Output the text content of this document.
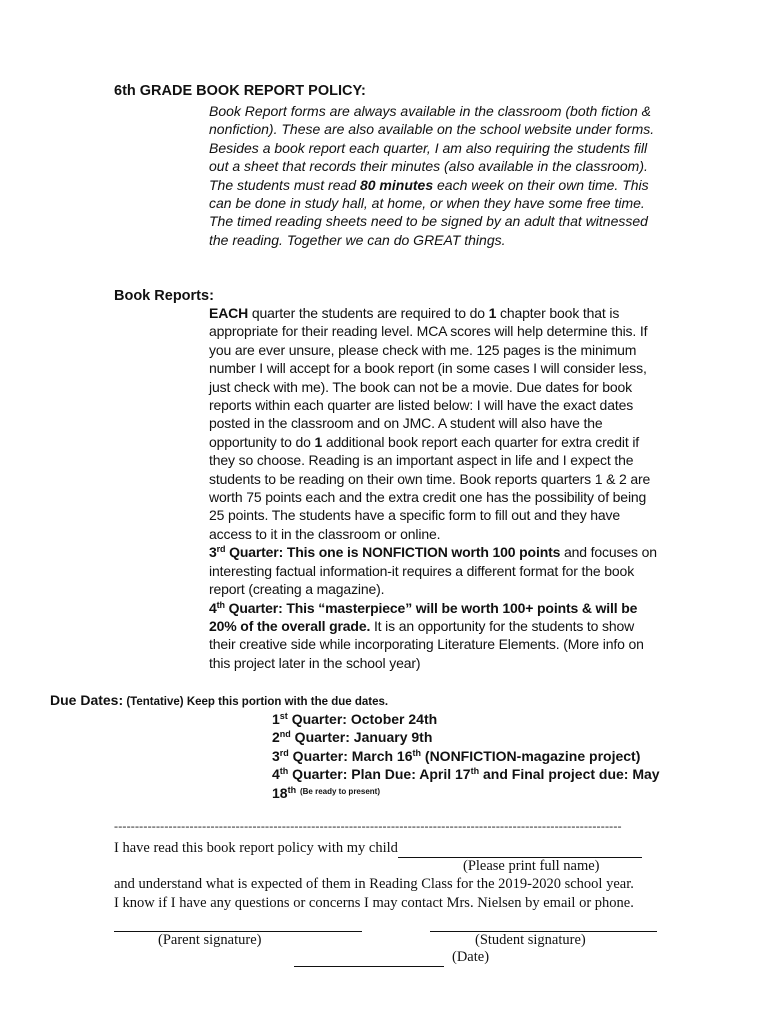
6th GRADE BOOK REPORT POLICY:
Book Report forms are always available in the classroom (both fiction & nonfiction). These are also available on the school website under forms. Besides a book report each quarter, I am also requiring the students fill out a sheet that records their minutes (also available in the classroom). The students must read 80 minutes each week on their own time. This can be done in study hall, at home, or when they have some free time. The timed reading sheets need to be signed by an adult that witnessed the reading. Together we can do GREAT things.
Book Reports:
EACH quarter the students are required to do 1 chapter book that is appropriate for their reading level. MCA scores will help determine this. If you are ever unsure, please check with me. 125 pages is the minimum number I will accept for a book report (in some cases I will consider less, just check with me). The book can not be a movie. Due dates for book reports within each quarter are listed below: I will have the exact dates posted in the classroom and on JMC. A student will also have the opportunity to do 1 additional book report each quarter for extra credit if they so choose. Reading is an important aspect in life and I expect the students to be reading on their own time. Book reports quarters 1 & 2 are worth 75 points each and the extra credit one has the possibility of being 25 points. The students have a specific form to fill out and they have access to it in the classroom or online.
3rd Quarter: This one is NONFICTION worth 100 points and focuses on interesting factual information-it requires a different format for the book report (creating a magazine).
4th Quarter: This “masterpiece” will be worth 100+ points & will be 20% of the overall grade. It is an opportunity for the students to show their creative side while incorporating Literature Elements. (More info on this project later in the school year)
Due Dates: (Tentative) Keep this portion with the due dates.
1st Quarter: October 24th
2nd Quarter: January 9th
3rd Quarter: March 16th (NONFICTION-magazine project)
4th Quarter: Plan Due: April 17th and Final project due: May 18th $^{(Be ready to present)}$
-------------------------------------------------------------------------------------------------------------------------
I have read this book report policy with my child
(Please print full name)
and understand what is expected of them in Reading Class for the 2019-2020 school year.
I know if I have any questions or concerns I may contact Mrs. Nielsen by email or phone.
(Parent signature)	(Student signature)
(Date)
